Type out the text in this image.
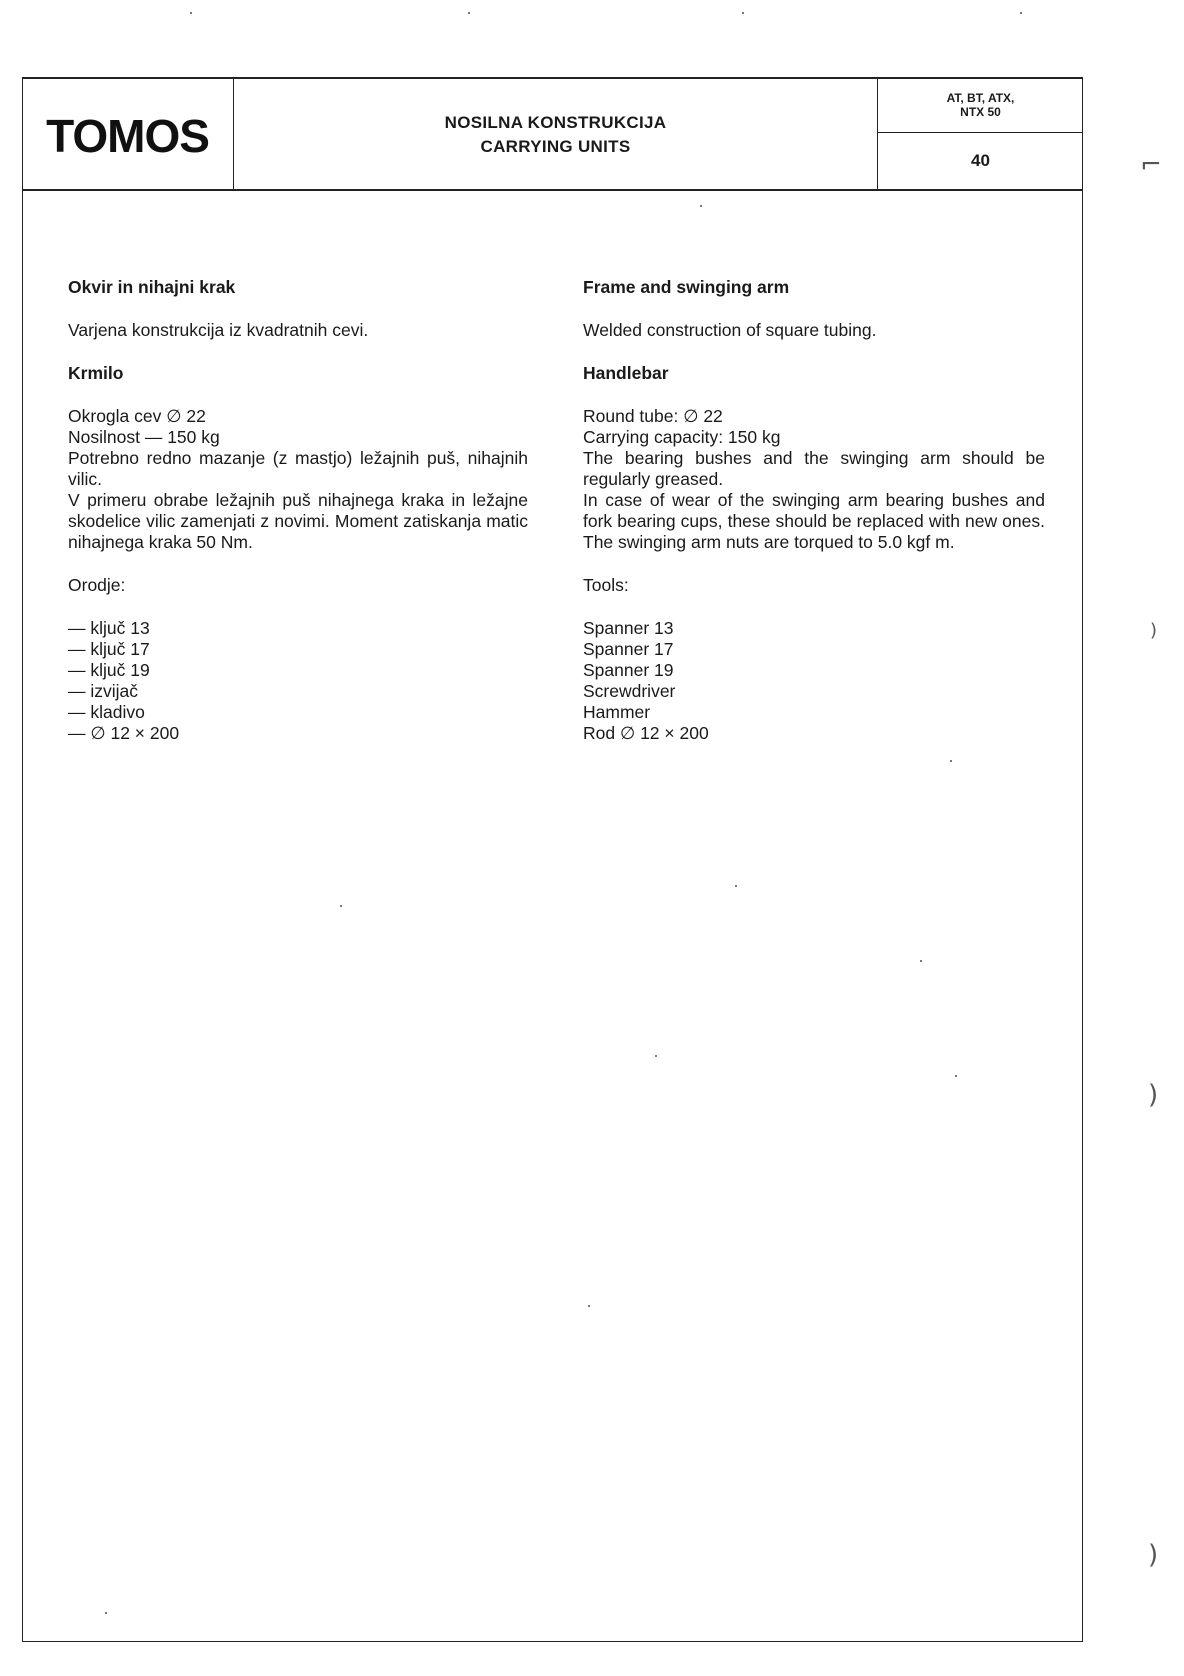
TOMOS	NOSILNA KONSTRUKCIJA
CARRYING UNITS
AT, BT, ATX,
NTX 50
40

Okvir in nihajni krak

Varjena konstrukcija iz kvadratnih cevi.

Krmilo

Okrogla cev ∅ 22
Nosilnost — 150 kg
Potrebno redno mazanje (z mastjo) ležajnih puš, nihajnih vilic.
V primeru obrabe ležajnih puš nihajnega kraka in ležajne skodelice vilic zamenjati z novimi. Moment zatiskanja matic nihajnega kraka 50 Nm.

Orodje:

— ključ 13
— ključ 17
— ključ 19
— izvijač
— kladivo
— ∅ 12 × 200

Frame and swinging arm

Welded construction of square tubing.

Handlebar

Round tube: ∅ 22
Carrying capacity: 150 kg
The bearing bushes and the swinging arm should be regularly greased.
In case of wear of the swinging arm bearing bushes and fork bearing cups, these should be replaced with new ones. The swinging arm nuts are torqued to 5.0 kgf m.

Tools:

Spanner 13
Spanner 17
Spanner 19
Screwdriver
Hammer
Rod ∅ 12 × 200
⌐
)
)
)
